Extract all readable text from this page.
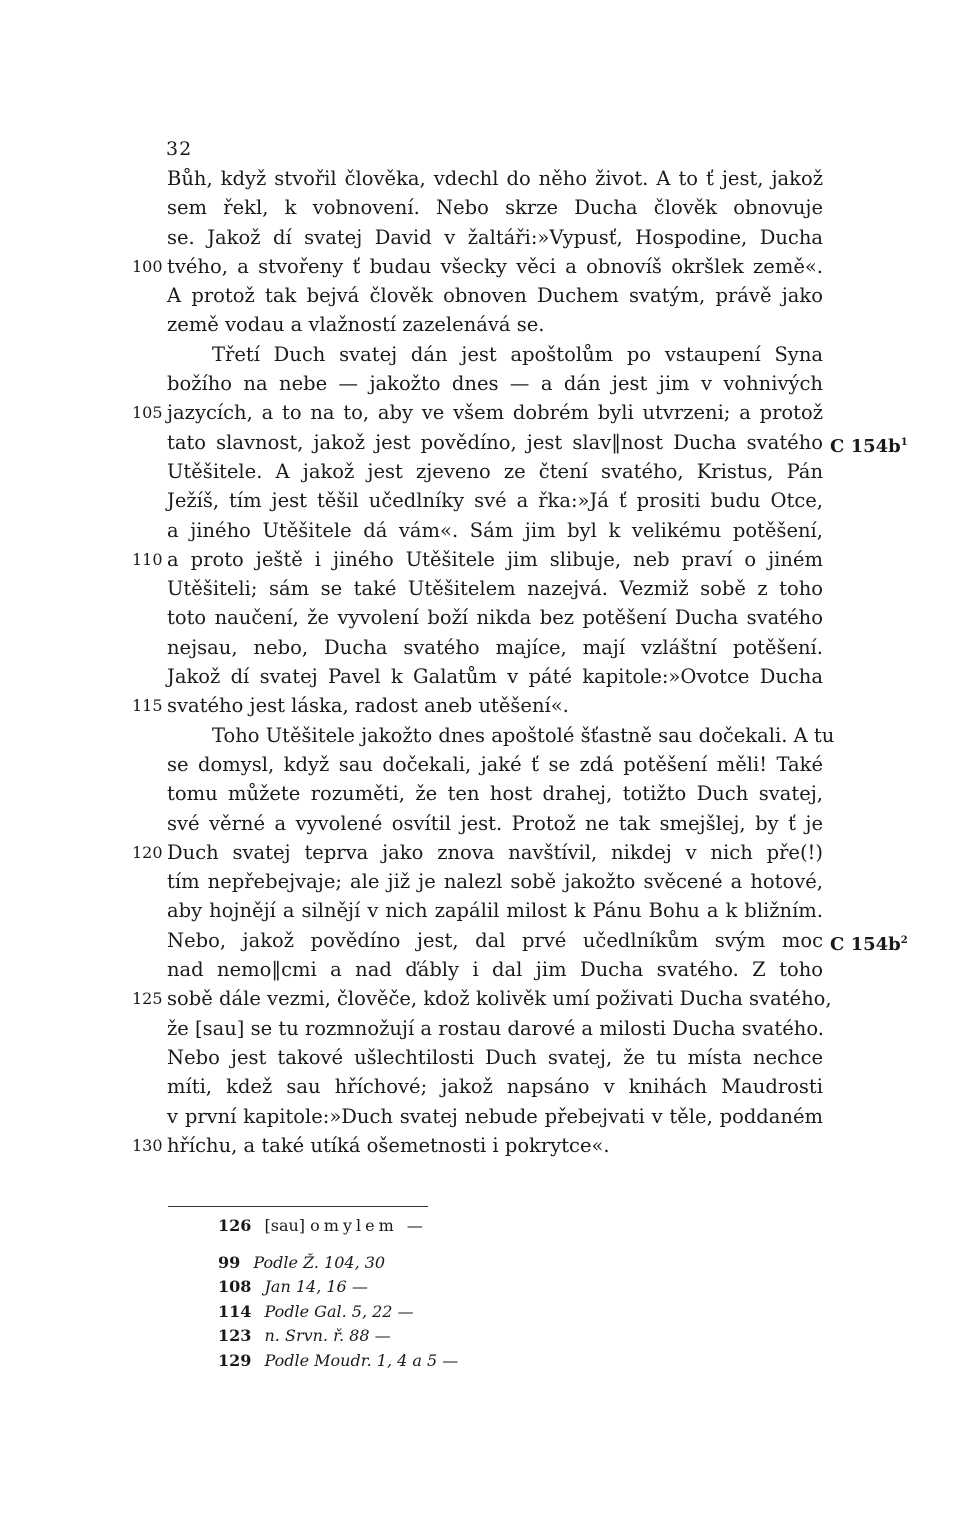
32
Bůh, když stvořil člověka, vdechl do něho život. A to ť jest, jakož
sem řekl, k vobnovení. Nebo skrze Ducha člověk obnovuje
se. Jakož dí svatej David v žaltáři:»Vypusť, Hospodine, Ducha
100 tvého, a stvořeny ť budau všecky věci a obnovíš okršlek země«.
A protož tak bejvá člověk obnoven Duchem svatým, právě jako
země vodau a vlažností zazelenává se.
Třetí Duch svatej dán jest apoštolům po vstaupení Syna
božího na nebe — jakožto dnes — a dán jest jim v vohnivých
105 jazycích, a to na to, aby ve všem dobrém byli utvrzeni; a protož
tato slavnost, jakož jest povědíno, jest slav‖nost Ducha svatého C $154b^1$
Utěšitele. A jakož jest zjeveno ze čtení svatého, Kristus, Pán
Ježíš, tím jest těšil učedlníky své a řka:»Já ť prositi budu Otce,
a jiného Utěšitele dá vám«. Sám jim byl k velikému potěšení,
110 a proto ještě i jiného Utěšitele jim slibuje, neb praví o jiném
Utěšiteli; sám se také Utěšitelem nazejvá. Vezmiž sobě z toho
toto naučení, že vyvolení boží nikda bez potěšení Ducha svatého
nejsau, nebo, Ducha svatého majíce, mají vzláštní potěšení.
Jakož dí svatej Pavel k Galatům v páté kapitole:»Ovotce Ducha
115 svatého jest láska, radost aneb utěšení«.
Toho Utěšitele jakožto dnes apoštolé šťastně sau dočekali. A tu
se domysl, když sau dočekali, jaké ť se zdá potěšení měli! Také
tomu můžete rozuměti, že ten host drahej, totižto Duch svatej,
své věrné a vyvolené osvítil jest. Protož ne tak smejšlej, by ť je
120 Duch svatej teprva jako znova navštívil, nikdej v nich pře(!)
tím nepřebejvaje; ale již je nalezl sobě jakožto svěcené a hotové,
aby hojnějí a silnějí v nich zapálil milost k Pánu Bohu a k bližním.
Nebo, jakož povědíno jest, dal prvé učedlníkům svým moc C $154b^2$
nad nemo‖cmi a nad ďábly i dal jim Ducha svatého. Z toho
125 sobě dále vezmi, člověče, kdož kolivěk umí poživati Ducha svatého,
že [sau] se tu rozmnožují a rostau darové a milosti Ducha svatého.
Nebo jest takové ušlechtilosti Duch svatej, že tu místa nechce
míti, kdež sau hříchové; jakož napsáno v knihách Maudrosti
v první kapitole:»Duch svatej nebude přebejvati v těle, poddaném
130 hříchu, a také utíká ošemetnosti i pokrytce«.
126 [sau] omylem —
99 Podle Ž. 104, 30
108 Jan 14, 16 —
114 Podle Gal. 5, 22 —
123 n. Srvn. ř. 88 —
129 Podle Moudr. 1, 4 a 5 —
